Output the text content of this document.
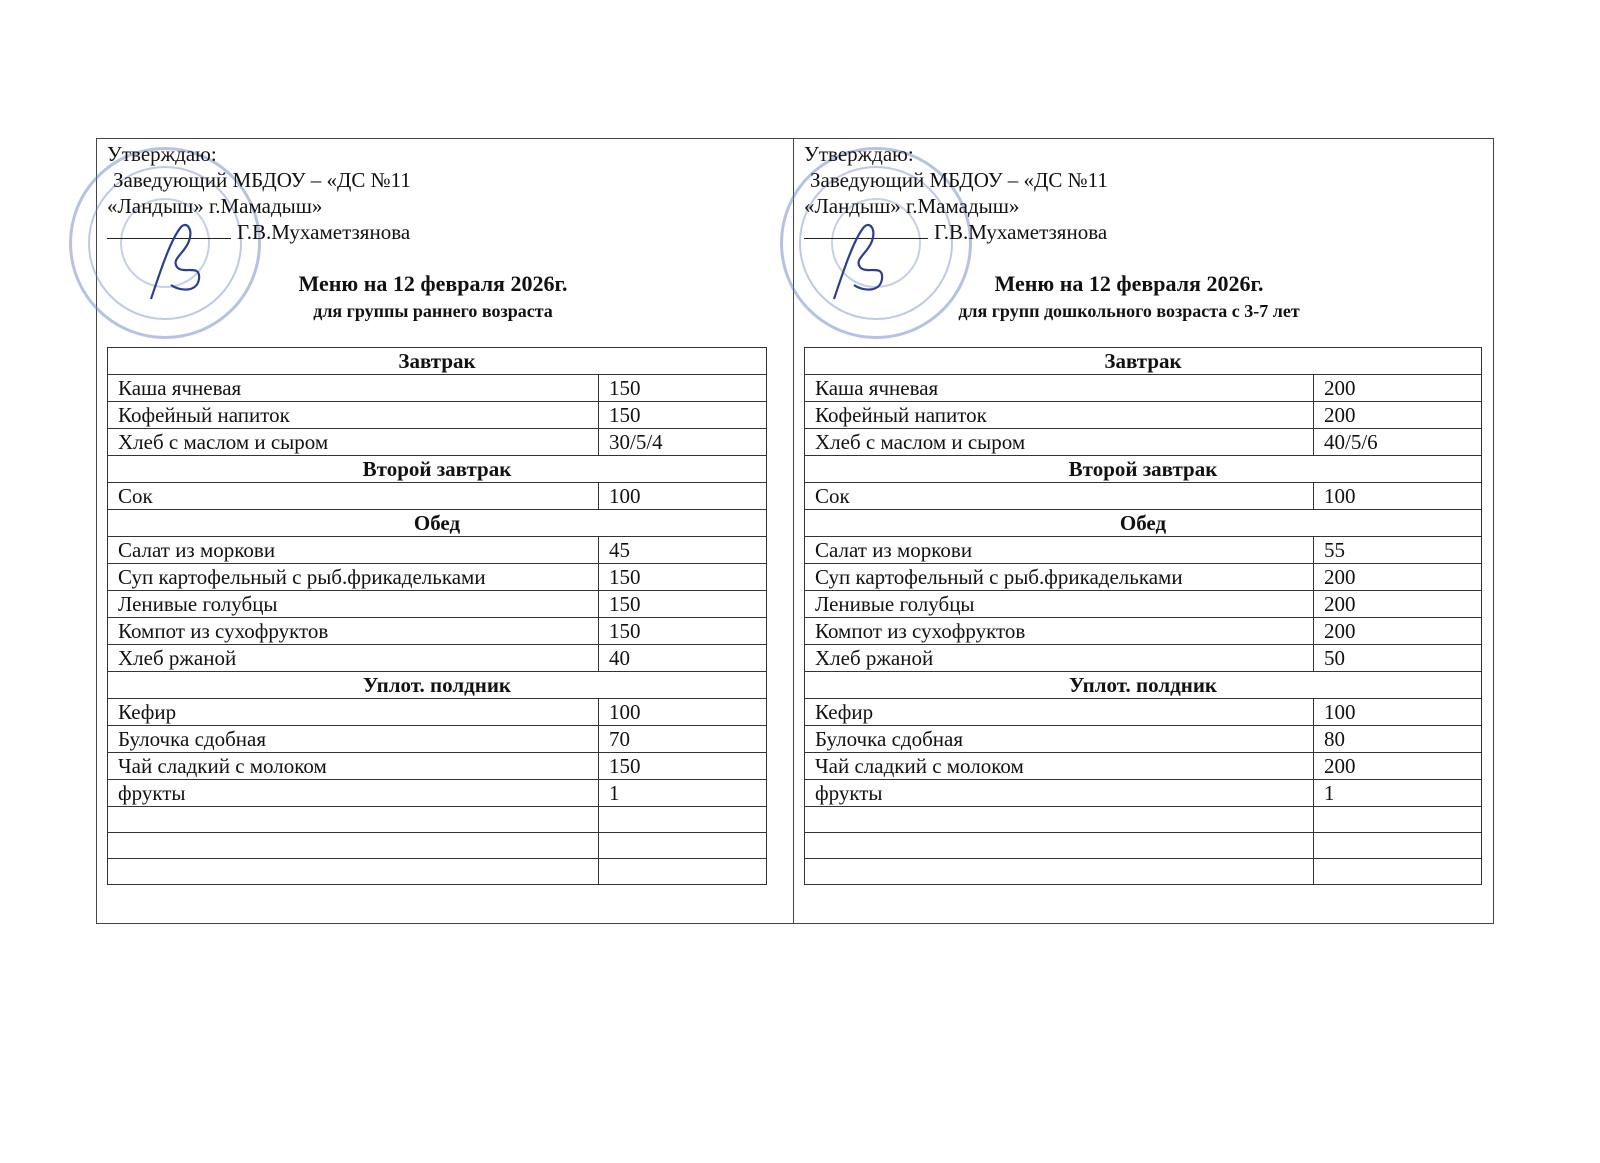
Утверждаю:
Заведующий МБДОУ – «ДС №11
«Ландыш» г.Мамадыш»
Г.В.Мухаметзянова
Меню на 12 февраля 2026г.
для группы раннего возраста
Завтрак	
Каша ячневая	150
Кофейный напиток	150
Хлеб с маслом и сыром	30/5/4
Второй завтрак	
Сок	100
Обед	
Салат из моркови	45
Суп картофельный с рыб.фрикадельками	150
Ленивые голубцы	150
Компот из сухофруктов	150
Хлеб ржаной	40
Уплот. полдник	
Кефир	100
Булочка сдобная	70
Чай сладкий с молоком	150
фрукты	1

Утверждаю:
Заведующий МБДОУ – «ДС №11
«Ландыш» г.Мамадыш»
Г.В.Мухаметзянова
Меню на 12 февраля 2026г.
для групп дошкольного возраста с 3-7 лет
Завтрак	
Каша ячневая	200
Кофейный напиток	200
Хлеб с маслом и сыром	40/5/6
Второй завтрак	
Сок	100
Обед	
Салат из моркови	55
Суп картофельный с рыб.фрикадельками	200
Ленивые голубцы	200
Компот из сухофруктов	200
Хлеб ржаной	50
Уплот. полдник	
Кефир	100
Булочка сдобная	80
Чай сладкий с молоком	200
фрукты	1
